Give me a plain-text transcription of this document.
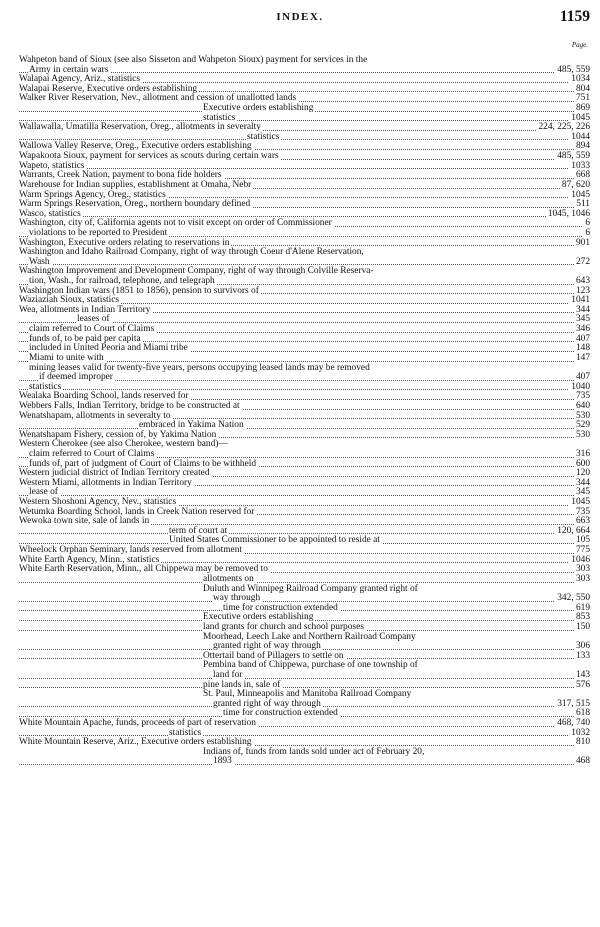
INDEX.	1159
Page.
Wahpeton band of Sioux (see also Sisseton and Wahpeton Sioux) payment for services in the
Army in certain wars	485, 559
Walapai Agency, Ariz., statistics	1034
Walapai Reserve, Executive orders establishing	804
Walker River Reservation, Nev., allotment and cession of unallotted lands	751
Executive orders establishing	869
statistics	1045
Wallawalla, Umatilla Reservation, Oreg., allotments in severalty	224, 225, 226
statistics	1044
Wallowa Valley Reserve, Oreg., Executive orders establishing	894
Wapakoota Sioux, payment for services as scouts during certain wars	485, 559
Wapeto, statistics	1033
Warrants, Creek Nation, payment to bona fide holders	668
Warehouse for Indian supplies, establishment at Omaha, Nebr	87, 620
Warm Springs Agency, Oreg., statistics	1045
Warm Springs Reservation, Oreg., northern boundary defined	511
Wasco, statistics	1045, 1046
Washington, city of, California agents not to visit except on order of Commissioner	6
violations to be reported to President	6
Washington, Executive orders relating to reservations in	901
Washington and Idaho Railroad Company, right of way through Coeur d'Alene Reservation,
Wash	272
Washington Improvement and Development Company, right of way through Colville Reserva-
tion, Wash., for railroad, telephone, and telegraph	643
Washington Indian wars (1851 to 1856), pension to survivors of	123
Waziaziah Sioux, statistics	1041
Wea, allotments in Indian Territory	344
leases of	345
claim referred to Court of Claims	346
funds of, to be paid per capita	407
included in United Peoria and Miami tribe	148
Miami to unite with	147
mining leases valid for twenty-five years, persons occupying leased lands may be removed
if deemed improper	407
statistics	1040
Wealaka Boarding School, lands reserved for	735
Webbers Falls, Indian Territory, bridge to be constructed at	640
Wenatshapam, allotments in severalty to	530
embraced in Yakima Nation	529
Wenatshapam Fishery, cession of, by Yakima Nation	530
Western Cherokee (see also Cherokee, western band)—
claim referred to Court of Claims	316
funds of, part of judgment of Court of Claims to be withheld	600
Western judicial district of Indian Territory created	120
Western Miami, allotments in Indian Territory	344
lease of	345
Western Shoshoni Agency, Nev., statistics	1045
Wetumka Boarding School, lands in Creek Nation reserved for	735
Wewoka town site, sale of lands in	663
term of court at	120, 664
United States Commissioner to be appointed to reside at	105
Wheelock Orphan Seminary, lands reserved from allotment	775
White Earth Agency, Minn., statistics	1046
White Earth Reservation, Minn., all Chippewa may be removed to	303
allotments on	303
Duluth and Winnipeg Railroad Company granted right of
way through	342, 550
time for construction extended	619
Executive orders establishing	853
land grants for church and school purposes	150
Moorhead, Leech Lake and Northern Railroad Company
granted right of way through	306
Ottertail band of Pillagers to settle on	133
Pembina band of Chippewa, purchase of one township of
land for	143
pine lands in, sale of	576
St. Paul, Minneapolis and Manitoba Railroad Company
granted right of way through	317, 515
time for construction extended	618
White Mountain Apache, funds, proceeds of part of reservation	468, 740
statistics	1032
White Mountain Reserve, Ariz., Executive orders establishing	810
Indians of, funds from lands sold under act of February 20,
1893	468
